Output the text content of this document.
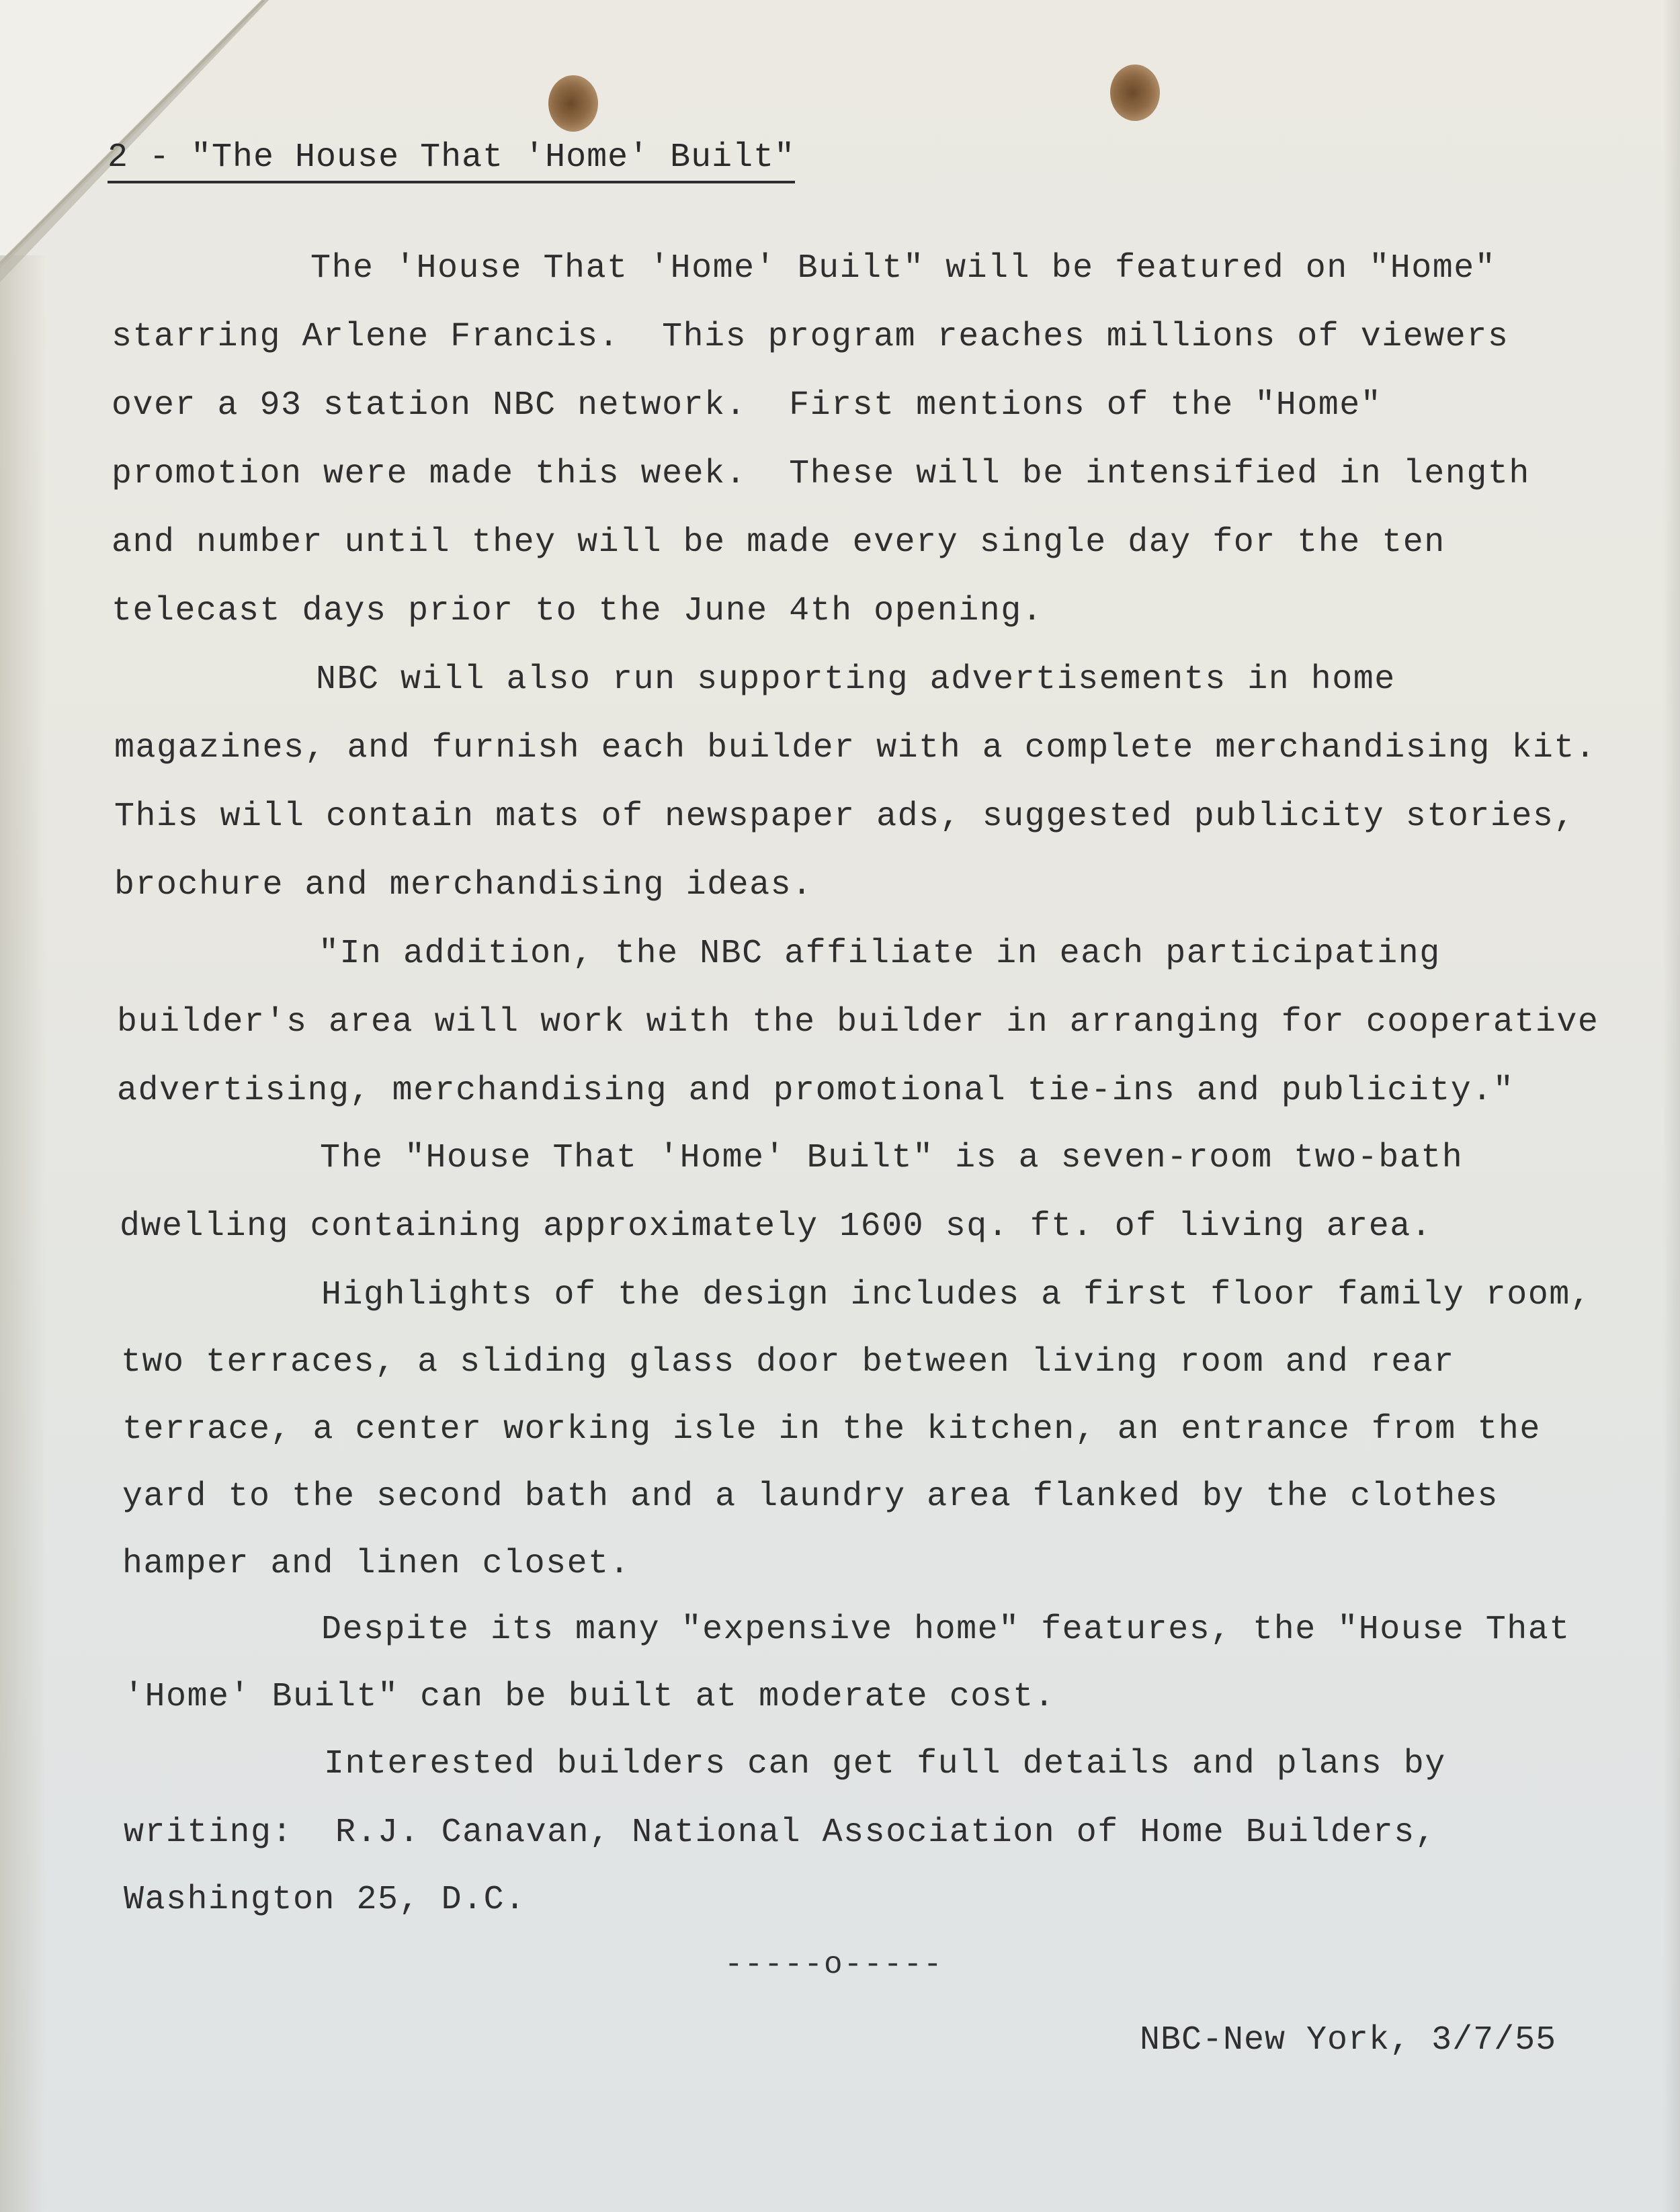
2 - "The House That 'Home' Built"
The 'House That 'Home' Built" will be featured on "Home"
starring Arlene Francis.  This program reaches millions of viewers
over a 93 station NBC network.  First mentions of the "Home"
promotion were made this week.  These will be intensified in length
and number until they will be made every single day for the ten
telecast days prior to the June 4th opening.
NBC will also run supporting advertisements in home
magazines, and furnish each builder with a complete merchandising kit.
This will contain mats of newspaper ads, suggested publicity stories,
brochure and merchandising ideas.
"In addition, the NBC affiliate in each participating
builder's area will work with the builder in arranging for cooperative
advertising, merchandising and promotional tie-ins and publicity."
The "House That 'Home' Built" is a seven-room two-bath
dwelling containing approximately 1600 sq. ft. of living area.
Highlights of the design includes a first floor family room,
two terraces, a sliding glass door between living room and rear
terrace, a center working isle in the kitchen, an entrance from the
yard to the second bath and a laundry area flanked by the clothes
hamper and linen closet.
Despite its many "expensive home" features, the "House That
'Home' Built" can be built at moderate cost.
Interested builders can get full details and plans by
writing:  R.J. Canavan, National Association of Home Builders,
Washington 25, D.C.
-----o-----
NBC-New York, 3/7/55
